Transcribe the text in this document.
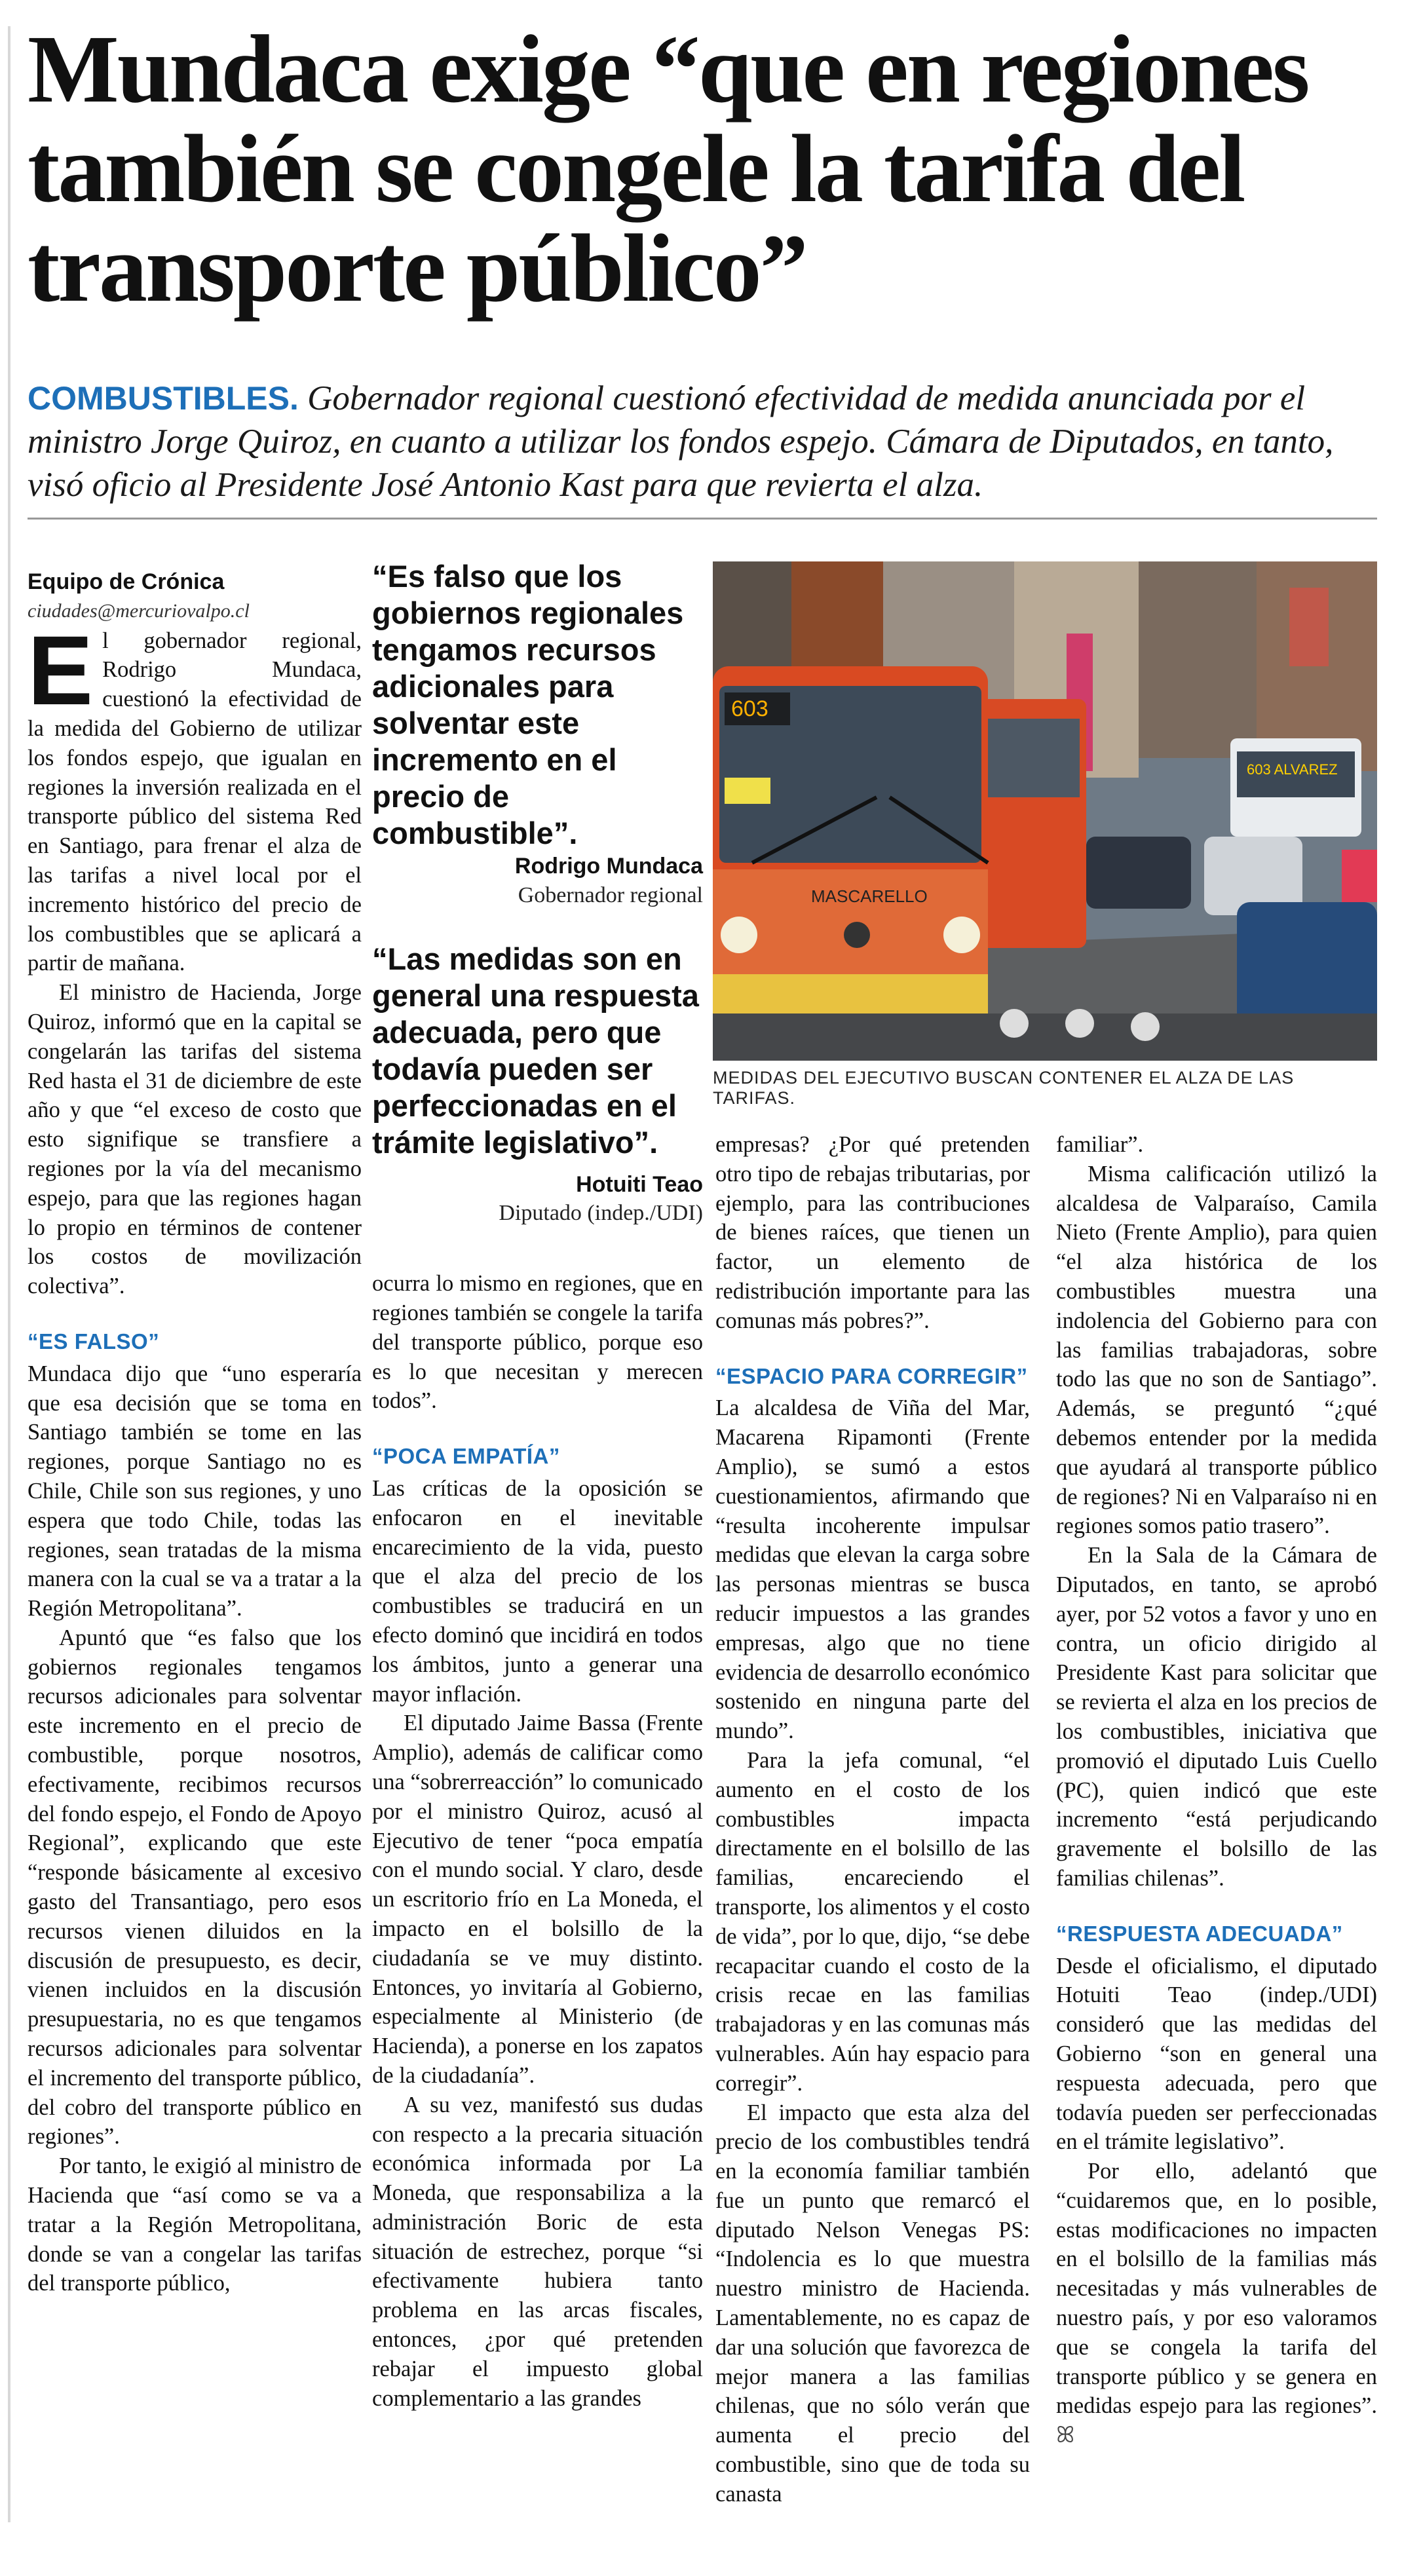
Mundaca exige “que en regiones también se congele la tarifa del transporte público”

COMBUSTIBLES. Gobernador regional cuestionó efectividad de medida anunciada por el ministro Jorge Quiroz, en cuanto a utilizar los fondos espejo. Cámara de Diputados, en tanto, visó oficio al Presidente José Antonio Kast para que revierta el alza.

Equipo de Crónica

ciudades@mercuriovalpo.cl

El gobernador regional, Rodrigo Mundaca, cuestionó la efectividad de la medida del Gobierno de utilizar los fondos espejo, que igualan en regiones la inversión realizada en el transporte público del sistema Red en Santiago, para frenar el alza de las tarifas a nivel local por el incremento histórico del precio de los combustibles que se aplicará a partir de mañana.

El ministro de Hacienda, Jorge Quiroz, informó que en la capital se congelarán las tarifas del sistema Red hasta el 31 de diciembre de este año y que “el exceso de costo que esto signifique se transfiere a regiones por la vía del mecanismo espejo, para que las regiones hagan lo propio en términos de contener los costos de movilización colectiva”.

“ES FALSO”

Mundaca dijo que “uno esperaría que esa decisión que se toma en Santiago también se tome en las regiones, porque Santiago no es Chile, Chile son sus regiones, y uno espera que todo Chile, todas las regiones, sean tratadas de la misma manera con la cual se va a tratar a la Región Metropolitana”.

Apuntó que “es falso que los gobiernos regionales tengamos recursos adicionales para solventar este incremento en el precio de combustible, porque nosotros, efectivamente, recibimos recursos del fondo espejo, el Fondo de Apoyo Regional”, explicando que este “responde básicamente al excesivo gasto del Transantiago, pero esos recursos vienen diluidos en la discusión de presupuesto, es decir, vienen incluidos en la discusión presupuestaria, no es que tengamos recursos adicionales para solventar el incremento del transporte público, del cobro del transporte público en regiones”.

Por tanto, le exigió al ministro de Hacienda que “así como se va a tratar a la Región Metropolitana, donde se van a congelar las tarifas del transporte público,

“Es falso que los gobiernos regionales tengamos recursos adicionales para solventar este incremento en el precio de combustible”.

Rodrigo Mundaca

Gobernador regional

“Las medidas son en general una respuesta adecuada, pero que todavía pueden ser perfeccionadas en el trámite legislativo”.

Hotuiti Teao

Diputado (indep./UDI)

ocurra lo mismo en regiones, que en regiones también se congele la tarifa del transporte público, porque eso es lo que necesitan y merecen todos”.

“POCA EMPATÍA”

Las críticas de la oposición se enfocaron en el inevitable encarecimiento de la vida, puesto que el alza del precio de los combustibles se traducirá en un efecto dominó que incidirá en todos los ámbitos, junto a generar una mayor inflación.

El diputado Jaime Bassa (Frente Amplio), además de calificar como una “sobrerreacción” lo comunicado por el ministro Quiroz, acusó al Ejecutivo de tener “poca empatía con el mundo social. Y claro, desde un escritorio frío en La Moneda, el impacto en el bolsillo de la ciudadanía se ve muy distinto. Entonces, yo invitaría al Gobierno, especialmente al Ministerio (de Hacienda), a ponerse en los zapatos de la ciudadanía”.

A su vez, manifestó sus dudas con respecto a la precaria situación económica informada por La Moneda, que responsabiliza a la administración Boric de esta situación de estrechez, porque “si efectivamente hubiera tanto problema en las arcas fiscales, entonces, ¿por qué pretenden rebajar el impuesto global complementario a las grandes

603 ALVAREZ
603
MASCARELLO
MEDIDAS DEL EJECUTIVO BUSCAN CONTENER EL ALZA DE LAS TARIFAS.

empresas? ¿Por qué pretenden otro tipo de rebajas tributarias, por ejemplo, para las contribuciones de bienes raíces, que tienen un factor, un elemento de redistribución importante para las comunas más pobres?”.

“ESPACIO PARA CORREGIR”

La alcaldesa de Viña del Mar, Macarena Ripamonti (Frente Amplio), se sumó a estos cuestionamientos, afirmando que “resulta incoherente impulsar medidas que elevan la carga sobre las personas mientras se busca reducir impuestos a las grandes empresas, algo que no tiene evidencia de desarrollo económico sostenido en ninguna parte del mundo”.

Para la jefa comunal, “el aumento en el costo de los combustibles impacta directamente en el bolsillo de las familias, encareciendo el transporte, los alimentos y el costo de vida”, por lo que, dijo, “se debe recapacitar cuando el costo de la crisis recae en las familias trabajadoras y en las comunas más vulnerables. Aún hay espacio para corregir”.

El impacto que esta alza del precio de los combustibles tendrá en la economía familiar también fue un punto que remarcó el diputado Nelson Venegas PS: “Indolencia es lo que muestra nuestro ministro de Hacienda. Lamentablemente, no es capaz de dar una solución que favorezca de mejor manera a las familias chilenas, que no sólo verán que aumenta el precio del combustible, sino que de toda su canasta

familiar”.

Misma calificación utilizó la alcaldesa de Valparaíso, Camila Nieto (Frente Amplio), para quien “el alza histórica de los combustibles muestra una indolencia del Gobierno para con las familias trabajadoras, sobre todo las que no son de Santiago”. Además, se preguntó “¿qué debemos entender por la medida que ayudará al transporte público de regiones? Ni en Valparaíso ni en regiones somos patio trasero”.

En la Sala de la Cámara de Diputados, en tanto, se aprobó ayer, por 52 votos a favor y uno en contra, un oficio dirigido al Presidente Kast para solicitar que se revierta el alza en los precios de los combustibles, iniciativa que promovió el diputado Luis Cuello (PC), quien indicó que este incremento “está perjudicando gravemente el bolsillo de las familias chilenas”.

“RESPUESTA ADECUADA”

Desde el oficialismo, el diputado Hotuiti Teao (indep./UDI) consideró que las medidas del Gobierno “son en general una respuesta adecuada, pero que todavía pueden ser perfeccionadas en el trámite legislativo”.

Por ello, adelantó que “cuidaremos que, en lo posible, estas modificaciones no impacten en el bolsillo de la familias más necesitadas y más vulnerables de nuestro país, y por eso valoramos que se congela la tarifa del transporte público y se genera en medidas espejo para las regiones”. ꕤ
